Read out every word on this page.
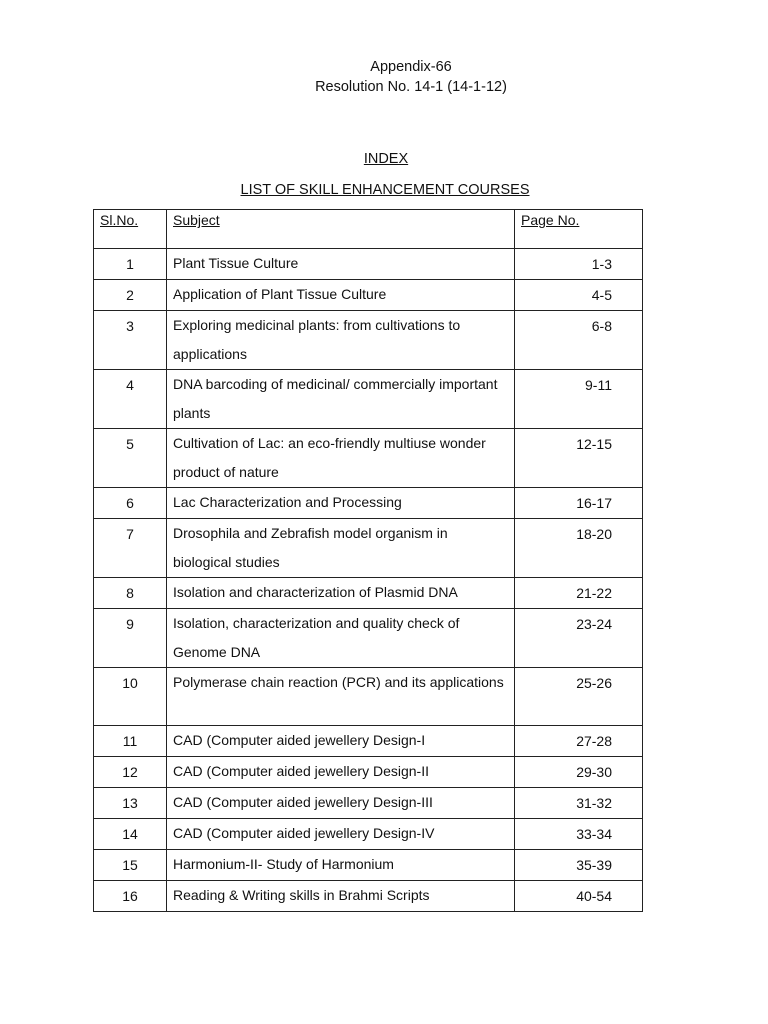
Appendix-66
Resolution No. 14-1 (14-1-12)
INDEX
LIST OF SKILL ENHANCEMENT COURSES
Sl.No.	Subject	Page No.

1	Plant Tissue Culture	1-3

2	Application of Plant Tissue Culture	4-5

3	Exploring medicinal plants: from cultivations to applications	6-8

4	DNA barcoding of medicinal/ commercially important plants	9-11

5	Cultivation of Lac: an eco-friendly multiuse wonder product of nature	12-15

6	Lac Characterization and Processing	16-17

7	Drosophila and Zebrafish model organism in biological studies	18-20

8	Isolation and characterization of Plasmid DNA	21-22

9	Isolation, characterization and quality check of Genome DNA	23-24

10	Polymerase chain reaction (PCR) and its applications	25-26

11	CAD (Computer aided jewellery Design-I	27-28

12	CAD (Computer aided jewellery Design-II	29-30

13	CAD (Computer aided jewellery Design-III	31-32

14	CAD (Computer aided jewellery Design-IV	33-34

15	Harmonium-II- Study of Harmonium	35-39

16	Reading & Writing skills in Brahmi Scripts	40-54
